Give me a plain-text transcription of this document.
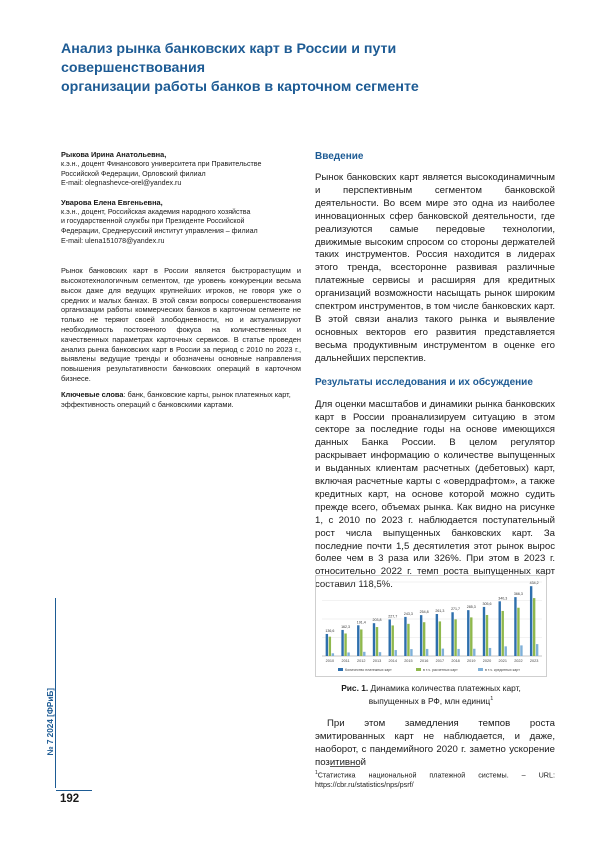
Анализ рынка банковских карт в России и пути совершенствования
организации работы банков в карточном сегменте
Рыкова Ирина Анатольевна,
к.э.н., доцент Финансового университета при Правительстве
Российской Федерации, Орловский филиал
E-mail: olegnashevce-orel@yandex.ru
Уварова Елена Евгеньевна,
к.э.н., доцент, Российская академия народного хозяйства
и государственной службы при Президенте Российской
Федерации, Среднерусский институт управления – филиал
E-mail: ulena151078@yandex.ru

Рынок банковских карт в России является быстрорастущим и высокотехнологичным сегментом, где уровень конкуренции весьма высок даже для ведущих крупнейших игроков, не говоря уже о средних и малых банках. В этой связи вопросы совершенствования организации работы коммерческих банков в карточном сегменте не только не теряют своей злободневности, но и актуализируют необходимость постоянного фокуса на количественных и качественных параметрах карточных сервисов. В статье проведен анализ рынка банковских карт в России за период с 2010 по 2023 г., выявлены ведущие тренды и обозначены основные направления повышения результативности банковских операций в карточном бизнесе.

Ключевые слова: банк, банковские карты, рынок платежных карт, эффективность операций с банковскими картами.

Введение

Рынок банковских карт является высокодинамичным и перспективным сегментом банковской деятельности. Во всем мире это одна из наиболее инновационных сфер банковской деятельности, где реализуются самые передовые технологии, движимые высоким спросом со стороны держателей таких инструментов. Россия находится в лидерах этого тренда, всесторонне развивая различные платежные сервисы и расширяя для кредитных организаций возможности насыщать рынок широким спектром инструментов, в том числе банковских карт. В этой связи анализ такого рынка и выявление основных векторов его развития представляется весьма продуктивным инструментом в оценке его дальнейших перспектив.

Результаты исследования и их обсуждение

Для оценки масштабов и динамики рынка банковских карт в России проанализируем ситуацию в этом секторе за последние годы на основе имеющихся данных Банка России. В целом регулятор раскрывает информацию о количестве выпущенных и выданных клиентам расчетных (дебетовых) карт, включая расчетные карты с «овердрафтом», а также кредитных карт, на основе которой можно судить прежде всего, объемах рынка. Как видно на рисунке 1, с 2010 по 2023 г. наблюдается поступательный рост числа выпущенных банковских карт. За последние почти 1,5 десятилетия этот рынок вырос более чем в 3 раза или 326%. При этом в 2023 г. относительно 2022 г. темп роста выпущенных карт составил 118,5%.

136,6
2010
162,3
2011
191,4
2012
203,8
2013
227,7
2014
243,3
2015
254,8
2016
261,3
2017
271,7
2018
285,3
2019
305,6
2020
340,3
2021
366,3
2022
434,2
2023
Количество платежных карт	в т.ч. расчетных карт	в т.ч. кредитных карт
Рис. 1. Динамика количества платежных карт, выпущенных в РФ, млн единиц$^1$

При этом замедления темпов роста эмитированных карт не наблюдается, и даже, наоборот, с пандемийного 2020 г. заметно ускорение позитивной

$^1$Статистика национальной платежной системы. – URL: https://cbr.ru/statistics/nps/psrf/

№ 7 2024 [ФРиБ]
192
